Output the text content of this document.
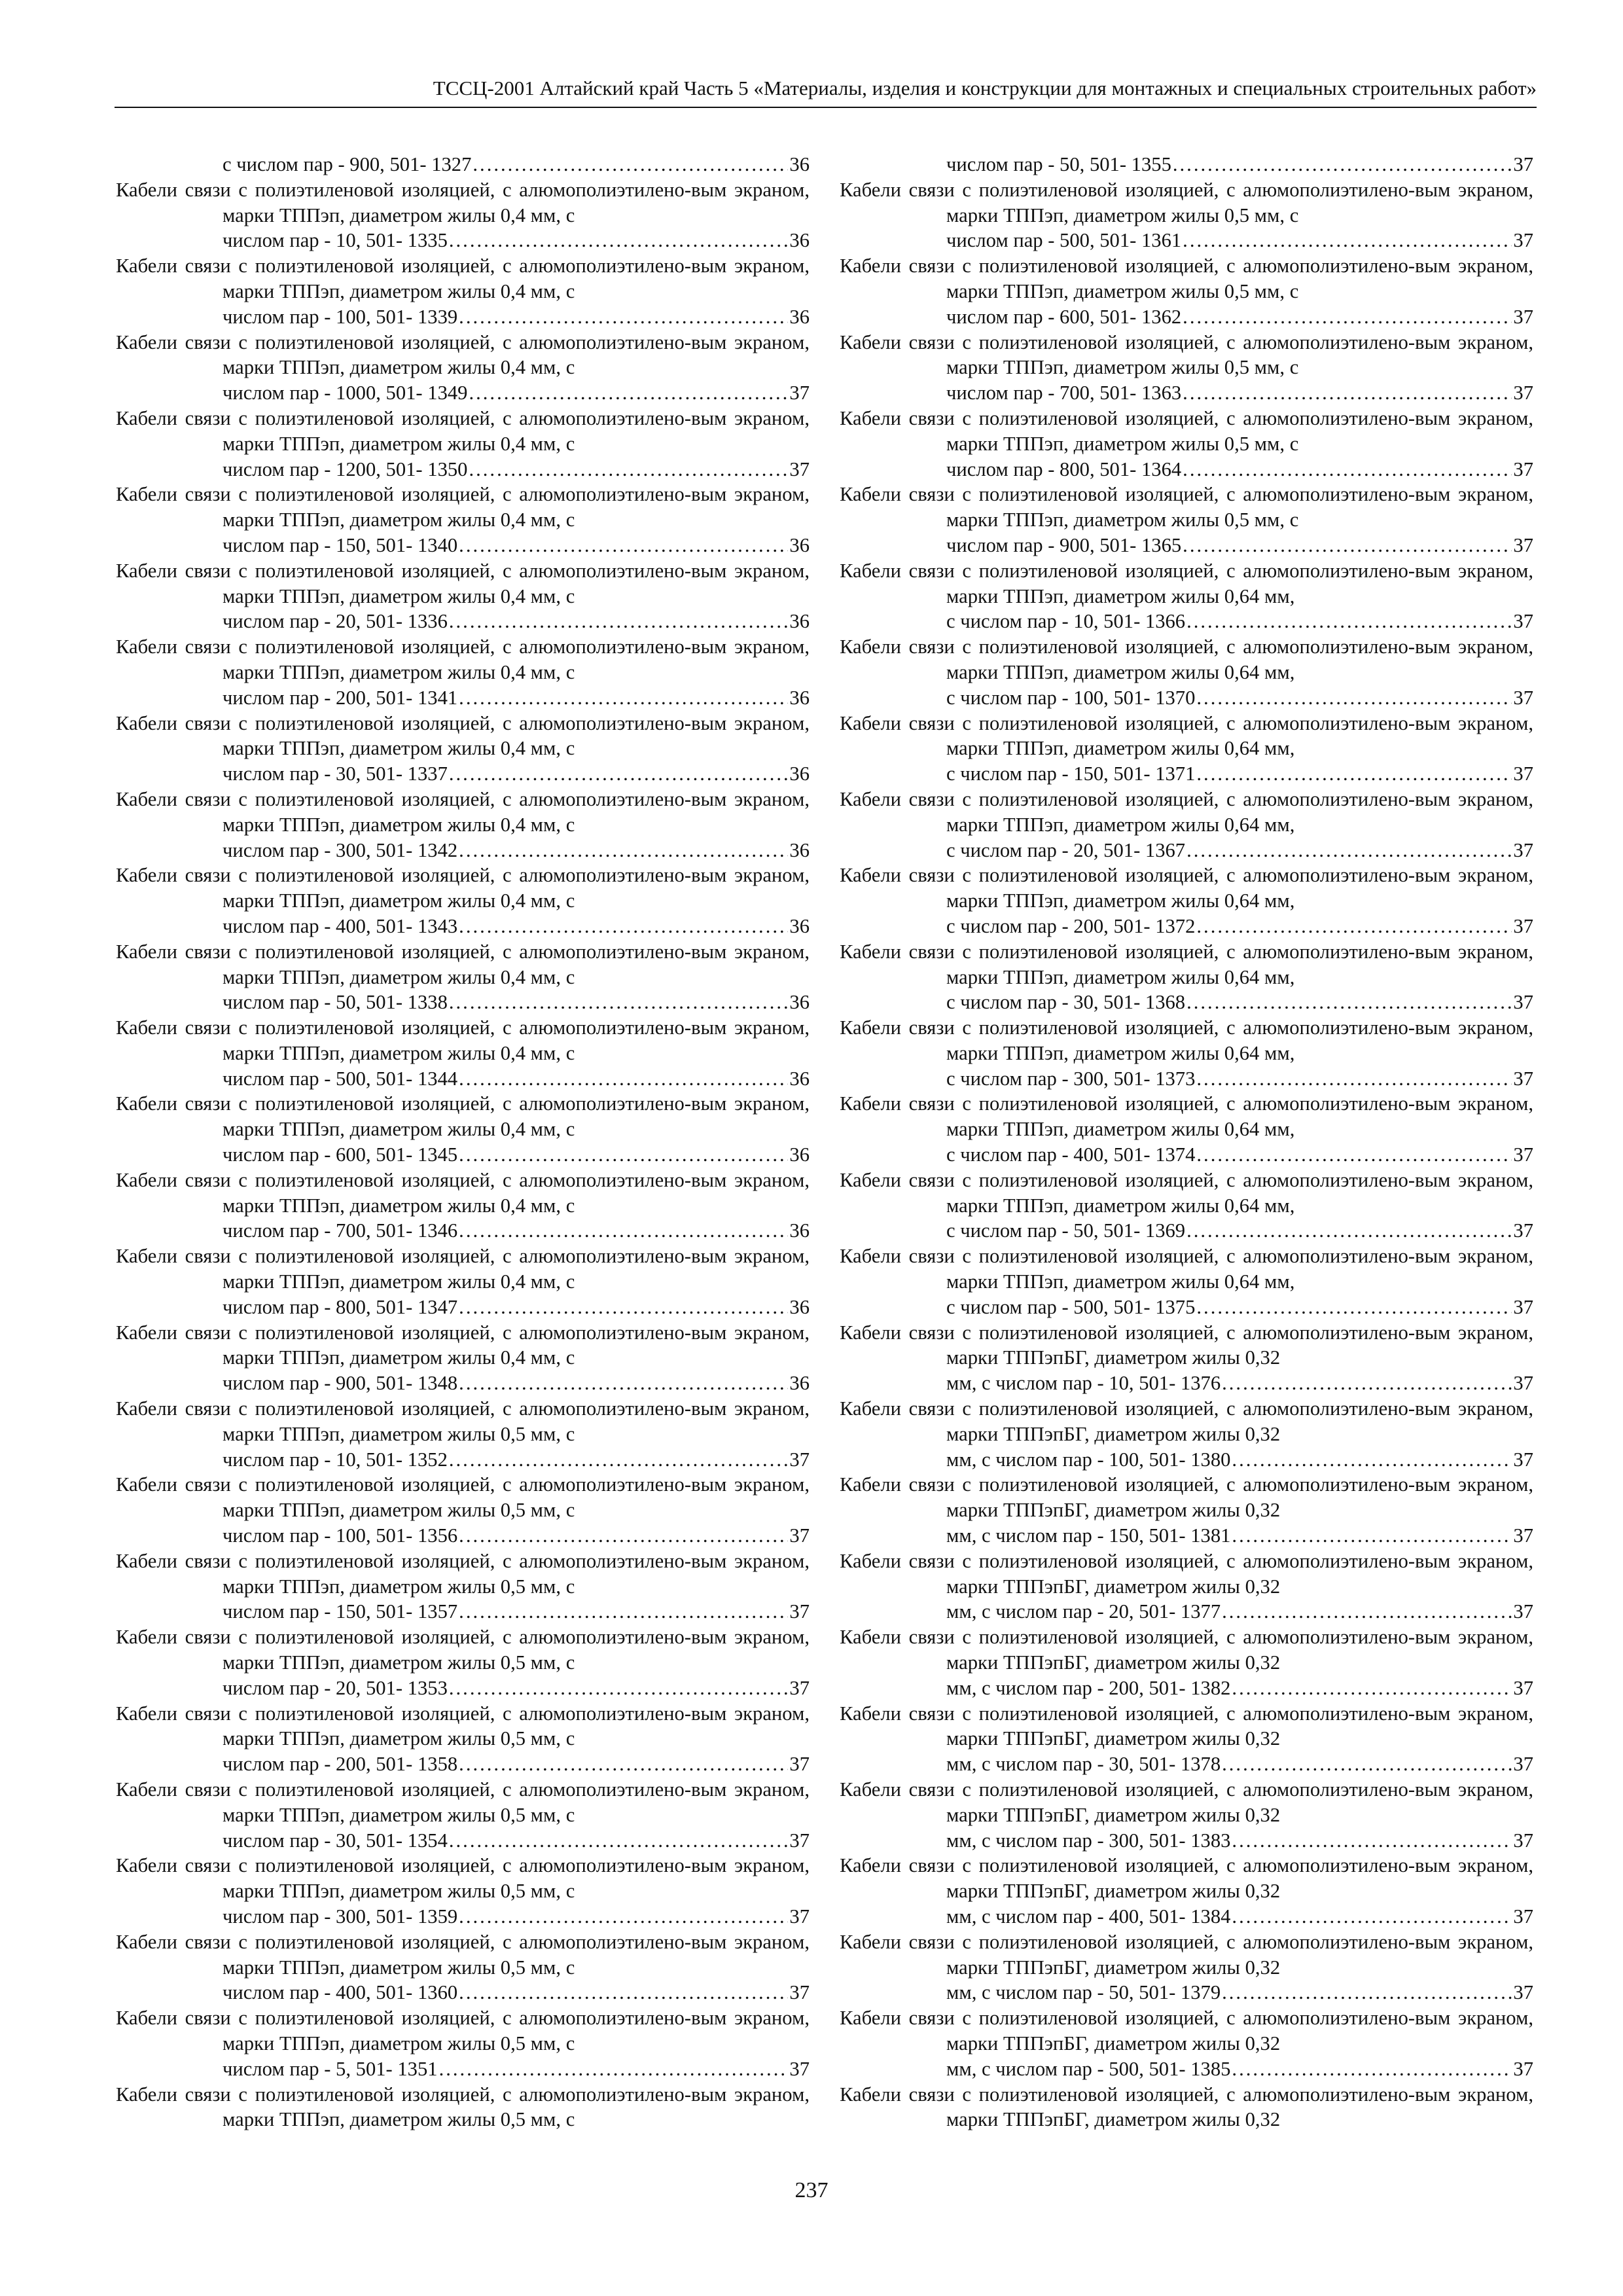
ТССЦ-2001 Алтайский край Часть 5 «Материалы, изделия и конструкции для монтажных и специальных строительных работ»
с числом пар - 900, 501- 1327 .....	36
Кабели связи с полиэтиленовой изоляцией, с алюмополиэтилено-вым экраном, марки ТППэп, диаметром жилы 0,4 мм, с
числом пар - 10, 501- 1335 .....	36
Кабели связи с полиэтиленовой изоляцией, с алюмополиэтилено-вым экраном, марки ТППэп, диаметром жилы 0,4 мм, с
числом пар - 100, 501- 1339 .....	36
Кабели связи с полиэтиленовой изоляцией, с алюмополиэтилено-вым экраном, марки ТППэп, диаметром жилы 0,4 мм, с
числом пар - 1000, 501- 1349 .....	37
Кабели связи с полиэтиленовой изоляцией, с алюмополиэтилено-вым экраном, марки ТППэп, диаметром жилы 0,4 мм, с
числом пар - 1200, 501- 1350 .....	37
Кабели связи с полиэтиленовой изоляцией, с алюмополиэтилено-вым экраном, марки ТППэп, диаметром жилы 0,4 мм, с
числом пар - 150, 501- 1340 .....	36
Кабели связи с полиэтиленовой изоляцией, с алюмополиэтилено-вым экраном, марки ТППэп, диаметром жилы 0,4 мм, с
числом пар - 20, 501- 1336 .....	36
Кабели связи с полиэтиленовой изоляцией, с алюмополиэтилено-вым экраном, марки ТППэп, диаметром жилы 0,4 мм, с
числом пар - 200, 501- 1341 .....	36
Кабели связи с полиэтиленовой изоляцией, с алюмополиэтилено-вым экраном, марки ТППэп, диаметром жилы 0,4 мм, с
числом пар - 30, 501- 1337 .....	36
Кабели связи с полиэтиленовой изоляцией, с алюмополиэтилено-вым экраном, марки ТППэп, диаметром жилы 0,4 мм, с
числом пар - 300, 501- 1342 .....	36
Кабели связи с полиэтиленовой изоляцией, с алюмополиэтилено-вым экраном, марки ТППэп, диаметром жилы 0,4 мм, с
числом пар - 400, 501- 1343 .....	36
Кабели связи с полиэтиленовой изоляцией, с алюмополиэтилено-вым экраном, марки ТППэп, диаметром жилы 0,4 мм, с
числом пар - 50, 501- 1338 .....	36
Кабели связи с полиэтиленовой изоляцией, с алюмополиэтилено-вым экраном, марки ТППэп, диаметром жилы 0,4 мм, с
числом пар - 500, 501- 1344 .....	36
Кабели связи с полиэтиленовой изоляцией, с алюмополиэтилено-вым экраном, марки ТППэп, диаметром жилы 0,4 мм, с
числом пар - 600, 501- 1345 .....	36
Кабели связи с полиэтиленовой изоляцией, с алюмополиэтилено-вым экраном, марки ТППэп, диаметром жилы 0,4 мм, с
числом пар - 700, 501- 1346 .....	36
Кабели связи с полиэтиленовой изоляцией, с алюмополиэтилено-вым экраном, марки ТППэп, диаметром жилы 0,4 мм, с
числом пар - 800, 501- 1347 .....	36
Кабели связи с полиэтиленовой изоляцией, с алюмополиэтилено-вым экраном, марки ТППэп, диаметром жилы 0,4 мм, с
числом пар - 900, 501- 1348 .....	36
Кабели связи с полиэтиленовой изоляцией, с алюмополиэтилено-вым экраном, марки ТППэп, диаметром жилы 0,5 мм, с
числом пар - 10, 501- 1352 .....	37
Кабели связи с полиэтиленовой изоляцией, с алюмополиэтилено-вым экраном, марки ТППэп, диаметром жилы 0,5 мм, с
числом пар - 100, 501- 1356 .....	37
Кабели связи с полиэтиленовой изоляцией, с алюмополиэтилено-вым экраном, марки ТППэп, диаметром жилы 0,5 мм, с
числом пар - 150, 501- 1357 .....	37
Кабели связи с полиэтиленовой изоляцией, с алюмополиэтилено-вым экраном, марки ТППэп, диаметром жилы 0,5 мм, с
числом пар - 20, 501- 1353 .....	37
Кабели связи с полиэтиленовой изоляцией, с алюмополиэтилено-вым экраном, марки ТППэп, диаметром жилы 0,5 мм, с
числом пар - 200, 501- 1358 .....	37
Кабели связи с полиэтиленовой изоляцией, с алюмополиэтилено-вым экраном, марки ТППэп, диаметром жилы 0,5 мм, с
числом пар - 30, 501- 1354 .....	37
Кабели связи с полиэтиленовой изоляцией, с алюмополиэтилено-вым экраном, марки ТППэп, диаметром жилы 0,5 мм, с
числом пар - 300, 501- 1359 .....	37
Кабели связи с полиэтиленовой изоляцией, с алюмополиэтилено-вым экраном, марки ТППэп, диаметром жилы 0,5 мм, с
числом пар - 400, 501- 1360 .....	37
Кабели связи с полиэтиленовой изоляцией, с алюмополиэтилено-вым экраном, марки ТППэп, диаметром жилы 0,5 мм, с
числом пар - 5, 501- 1351 .....	37
Кабели связи с полиэтиленовой изоляцией, с алюмополиэтилено-вым экраном, марки ТППэп, диаметром жилы 0,5 мм, с
числом пар - 50, 501- 1355 .....	37
Кабели связи с полиэтиленовой изоляцией, с алюмополиэтилено-вым экраном, марки ТППэп, диаметром жилы 0,5 мм, с
числом пар - 500, 501- 1361 .....	37
Кабели связи с полиэтиленовой изоляцией, с алюмополиэтилено-вым экраном, марки ТППэп, диаметром жилы 0,5 мм, с
числом пар - 600, 501- 1362 .....	37
Кабели связи с полиэтиленовой изоляцией, с алюмополиэтилено-вым экраном, марки ТППэп, диаметром жилы 0,5 мм, с
числом пар - 700, 501- 1363 .....	37
Кабели связи с полиэтиленовой изоляцией, с алюмополиэтилено-вым экраном, марки ТППэп, диаметром жилы 0,5 мм, с
числом пар - 800, 501- 1364 .....	37
Кабели связи с полиэтиленовой изоляцией, с алюмополиэтилено-вым экраном, марки ТППэп, диаметром жилы 0,5 мм, с
числом пар - 900, 501- 1365 .....	37
Кабели связи с полиэтиленовой изоляцией, с алюмополиэтилено-вым экраном, марки ТППэп, диаметром жилы 0,64 мм,
с числом пар - 10, 501- 1366 .....	37
Кабели связи с полиэтиленовой изоляцией, с алюмополиэтилено-вым экраном, марки ТППэп, диаметром жилы 0,64 мм,
с числом пар - 100, 501- 1370 .....	37
Кабели связи с полиэтиленовой изоляцией, с алюмополиэтилено-вым экраном, марки ТППэп, диаметром жилы 0,64 мм,
с числом пар - 150, 501- 1371 .....	37
Кабели связи с полиэтиленовой изоляцией, с алюмополиэтилено-вым экраном, марки ТППэп, диаметром жилы 0,64 мм,
с числом пар - 20, 501- 1367 .....	37
Кабели связи с полиэтиленовой изоляцией, с алюмополиэтилено-вым экраном, марки ТППэп, диаметром жилы 0,64 мм,
с числом пар - 200, 501- 1372 .....	37
Кабели связи с полиэтиленовой изоляцией, с алюмополиэтилено-вым экраном, марки ТППэп, диаметром жилы 0,64 мм,
с числом пар - 30, 501- 1368 .....	37
Кабели связи с полиэтиленовой изоляцией, с алюмополиэтилено-вым экраном, марки ТППэп, диаметром жилы 0,64 мм,
с числом пар - 300, 501- 1373 .....	37
Кабели связи с полиэтиленовой изоляцией, с алюмополиэтилено-вым экраном, марки ТППэп, диаметром жилы 0,64 мм,
с числом пар - 400, 501- 1374 .....	37
Кабели связи с полиэтиленовой изоляцией, с алюмополиэтилено-вым экраном, марки ТППэп, диаметром жилы 0,64 мм,
с числом пар - 50, 501- 1369 .....	37
Кабели связи с полиэтиленовой изоляцией, с алюмополиэтилено-вым экраном, марки ТППэп, диаметром жилы 0,64 мм,
с числом пар - 500, 501- 1375 .....	37
Кабели связи с полиэтиленовой изоляцией, с алюмополиэтилено-вым экраном, марки ТППэпБГ, диаметром жилы 0,32
мм, с числом пар - 10, 501- 1376 .....	37
Кабели связи с полиэтиленовой изоляцией, с алюмополиэтилено-вым экраном, марки ТППэпБГ, диаметром жилы 0,32
мм, с числом пар - 100, 501- 1380 .....	37
Кабели связи с полиэтиленовой изоляцией, с алюмополиэтилено-вым экраном, марки ТППэпБГ, диаметром жилы 0,32
мм, с числом пар - 150, 501- 1381 .....	37
Кабели связи с полиэтиленовой изоляцией, с алюмополиэтилено-вым экраном, марки ТППэпБГ, диаметром жилы 0,32
мм, с числом пар - 20, 501- 1377 .....	37
Кабели связи с полиэтиленовой изоляцией, с алюмополиэтилено-вым экраном, марки ТППэпБГ, диаметром жилы 0,32
мм, с числом пар - 200, 501- 1382 .....	37
Кабели связи с полиэтиленовой изоляцией, с алюмополиэтилено-вым экраном, марки ТППэпБГ, диаметром жилы 0,32
мм, с числом пар - 30, 501- 1378 .....	37
Кабели связи с полиэтиленовой изоляцией, с алюмополиэтилено-вым экраном, марки ТППэпБГ, диаметром жилы 0,32
мм, с числом пар - 300, 501- 1383 .....	37
Кабели связи с полиэтиленовой изоляцией, с алюмополиэтилено-вым экраном, марки ТППэпБГ, диаметром жилы 0,32
мм, с числом пар - 400, 501- 1384 .....	37
Кабели связи с полиэтиленовой изоляцией, с алюмополиэтилено-вым экраном, марки ТППэпБГ, диаметром жилы 0,32
мм, с числом пар - 50, 501- 1379 .....	37
Кабели связи с полиэтиленовой изоляцией, с алюмополиэтилено-вым экраном, марки ТППэпБГ, диаметром жилы 0,32
мм, с числом пар - 500, 501- 1385 .....	37
Кабели связи с полиэтиленовой изоляцией, с алюмополиэтилено-вым экраном, марки ТППэпБГ, диаметром жилы 0,32
237
